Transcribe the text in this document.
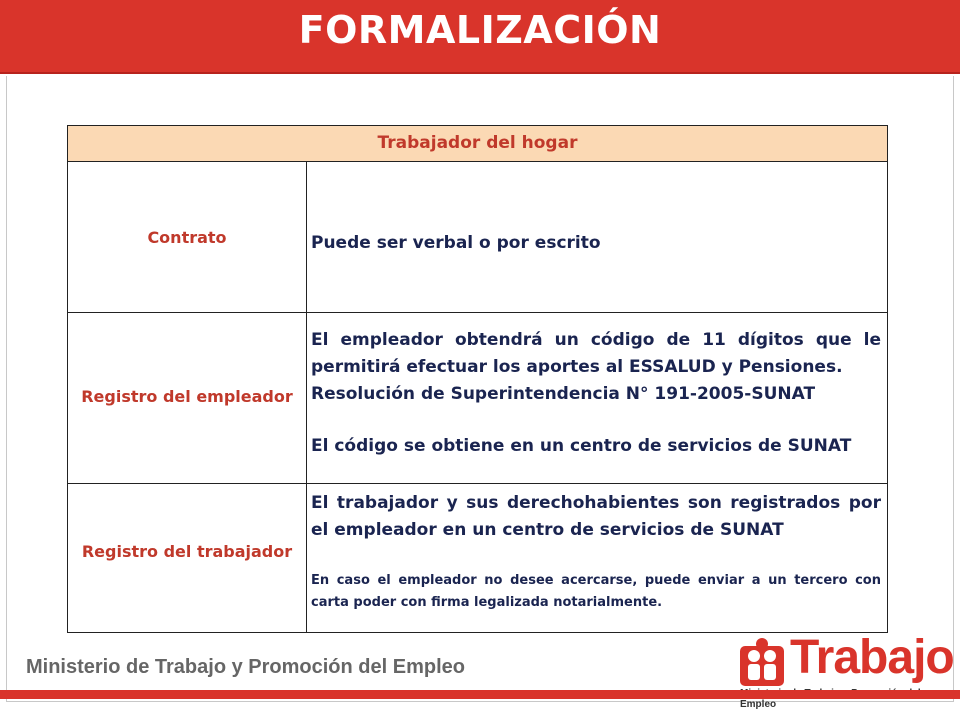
FORMALIZACIÓN
Trabajador del hogar
Contrato	Puede ser verbal o por escrito
Registro del empleador
El empleador obtendrá un código de 11 dígitos que le permitirá efectuar los aportes al ESSALUD y Pensiones.
Resolución de Superintendencia N° 191-2005-SUNAT
El código se obtiene en un centro de servicios de SUNAT
Registro del trabajador
El trabajador y sus derechohabientes son registrados por el empleador en un centro de servicios de SUNAT
En caso el empleador no desee acercarse, puede enviar a un tercero con carta poder con firma legalizada notarialmente.
Ministerio de Trabajo y Promoción del Empleo	Trabajo
Empleo
